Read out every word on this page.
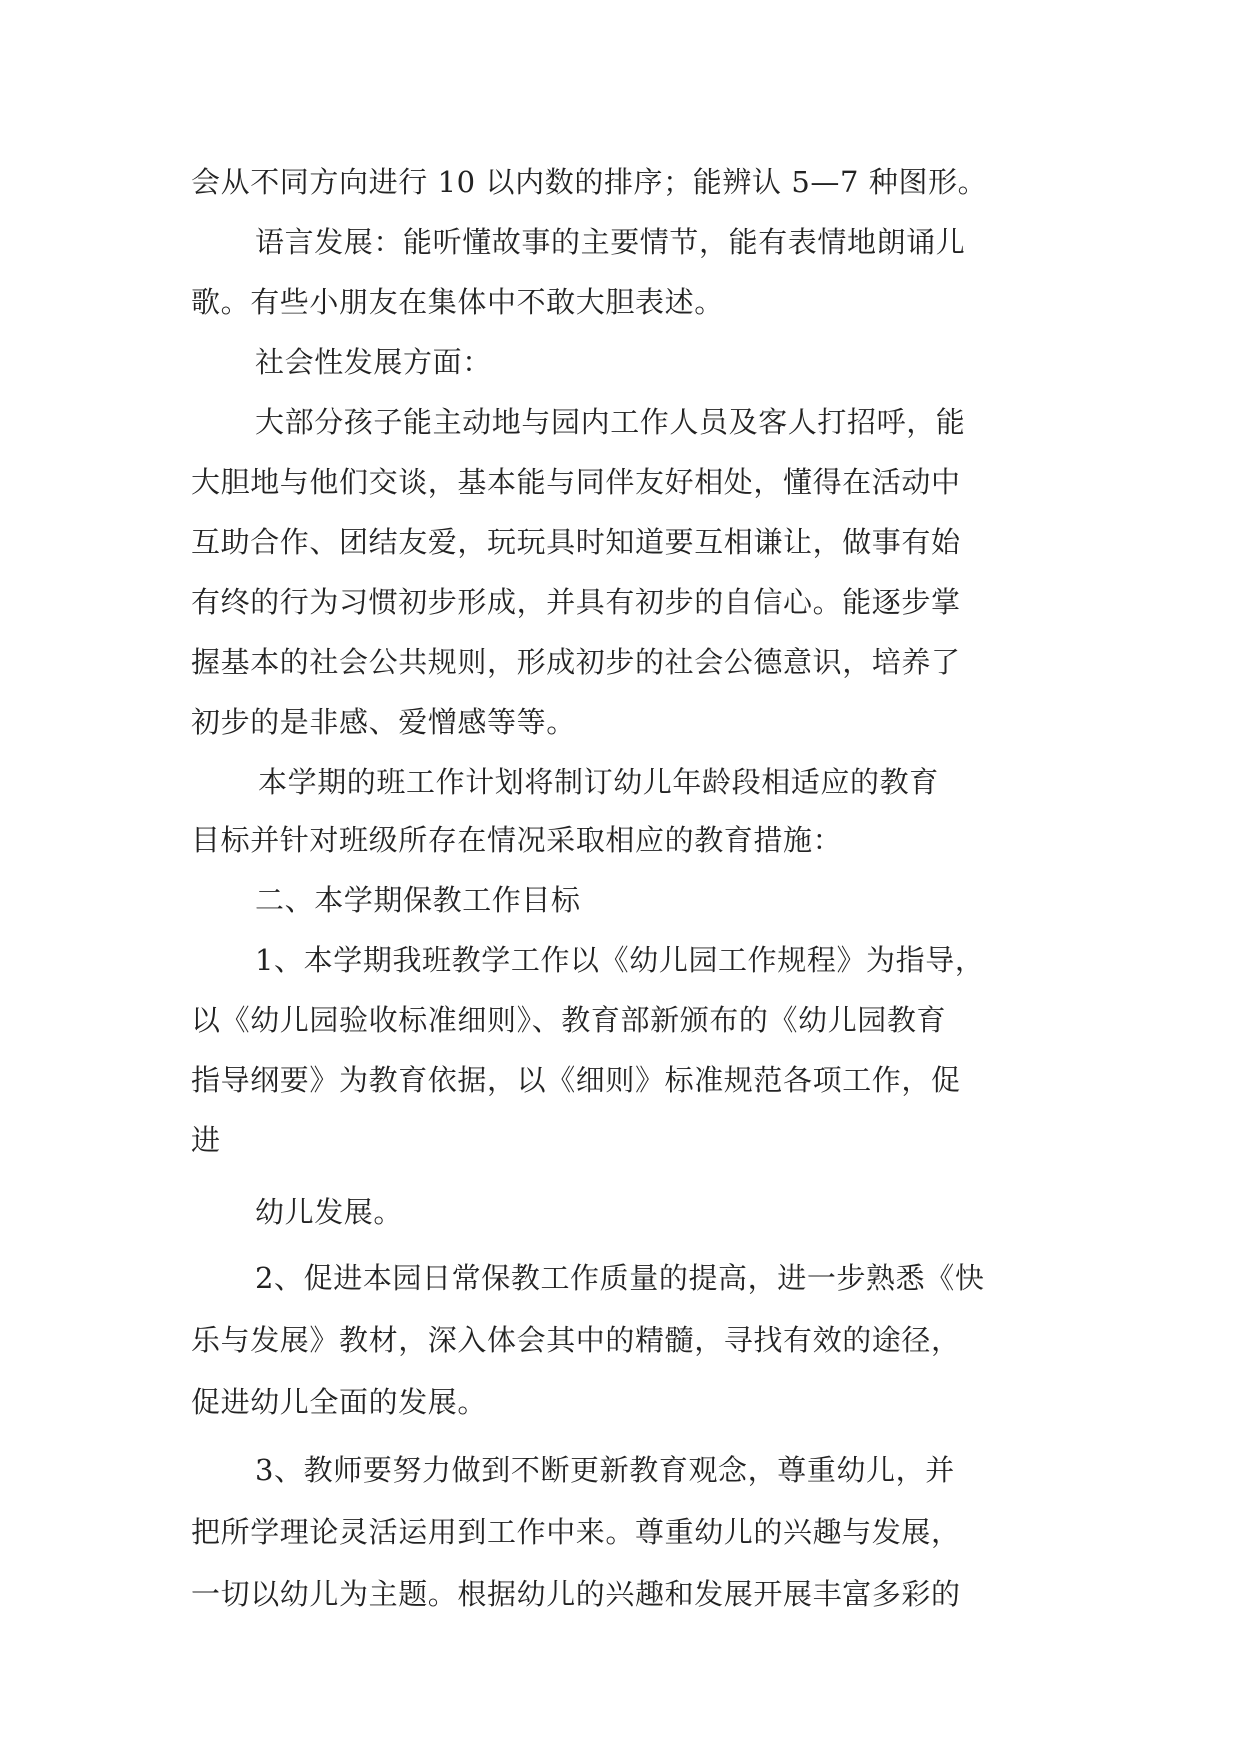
会从不同方向进行 10 以内数的排序；能辨认 5—7 种图形。
语言发展：能听懂故事的主要情节，能有表情地朗诵儿
歌。有些小朋友在集体中不敢大胆表述。
社会性发展方面：
大部分孩子能主动地与园内工作人员及客人打招呼，能
大胆地与他们交谈，基本能与同伴友好相处，懂得在活动中
互助合作、团结友爱，玩玩具时知道要互相谦让，做事有始
有终的行为习惯初步形成，并具有初步的自信心。能逐步掌
握基本的社会公共规则，形成初步的社会公德意识，培养了
初步的是非感、爱憎感等等。
本学期的班工作计划将制订幼儿年龄段相适应的教育
目标并针对班级所存在情况采取相应的教育措施：
二、本学期保教工作目标
1、本学期我班教学工作以《幼儿园工作规程》为指导，
以《幼儿园验收标准细则》、教育部新颁布的《幼儿园教育
指导纲要》为教育依据，以《细则》标准规范各项工作，促
进
幼儿发展。
2、促进本园日常保教工作质量的提高，进一步熟悉《快
乐与发展》教材，深入体会其中的精髓，寻找有效的途径，
促进幼儿全面的发展。
3、教师要努力做到不断更新教育观念，尊重幼儿，并
把所学理论灵活运用到工作中来。尊重幼儿的兴趣与发展，
一切以幼儿为主题。根据幼儿的兴趣和发展开展丰富多彩的
